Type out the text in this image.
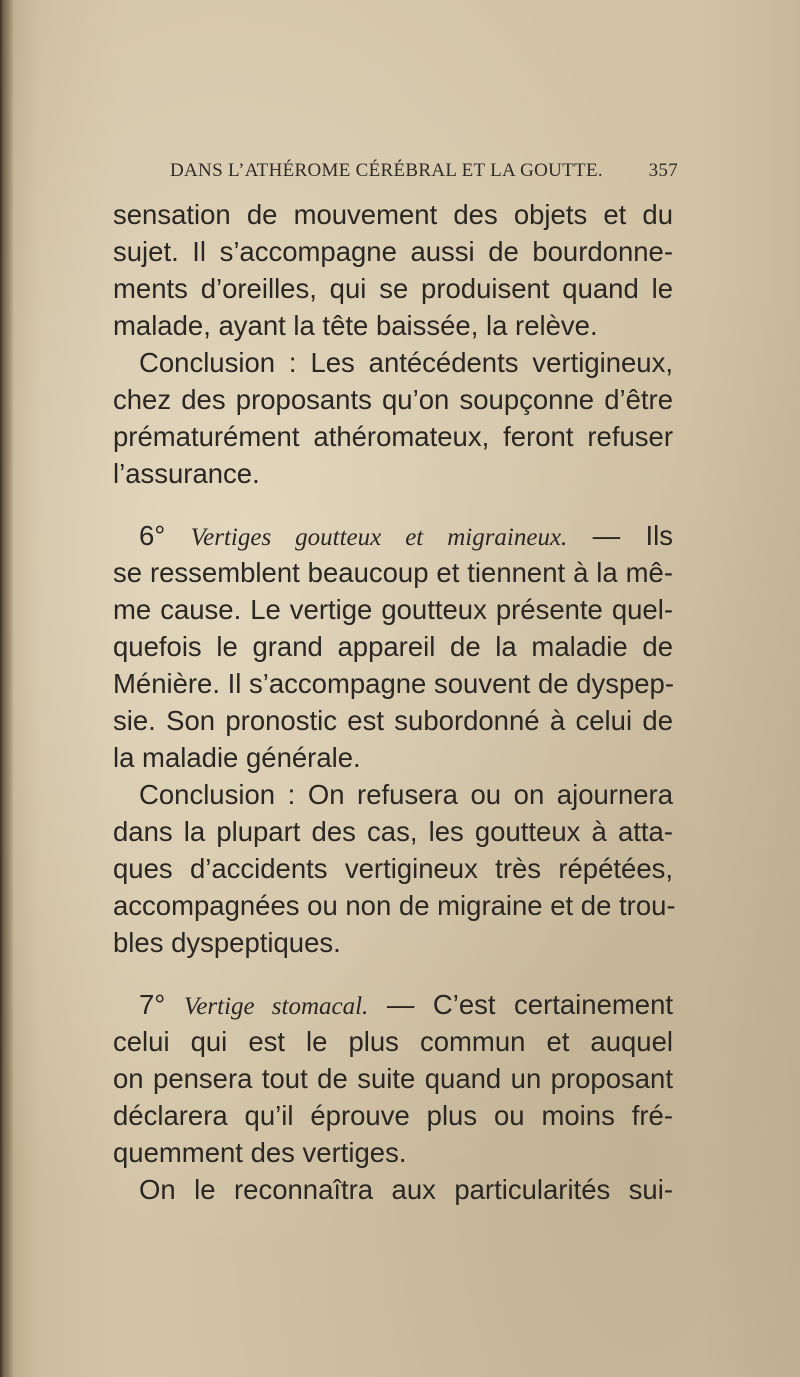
DANS L’ATHÉROME CÉRÉBRAL ET LA GOUTTE. 357
sensation de mouvement des objets et du
sujet. Il s’accompagne aussi de bourdonne-
ments d’oreilles, qui se produisent quand le
malade, ayant la tête baissée, la relève.
Conclusion : Les antécédents vertigineux,
chez des proposants qu’on soupçonne d’être
prématurément athéromateux, feront refuser
l’assurance.
6° Vertiges goutteux et migraineux. — Ils
se ressemblent beaucoup et tiennent à la mê-
me cause. Le vertige goutteux présente quel-
quefois le grand appareil de la maladie de
Ménière. Il s’accompagne souvent de dyspep-
sie. Son pronostic est subordonné à celui de
la maladie générale.
Conclusion : On refusera ou on ajournera
dans la plupart des cas, les goutteux à atta-
ques d’accidents vertigineux très répétées,
accompagnées ou non de migraine et de trou-
bles dyspeptiques.
7° Vertige stomacal. — C’est certainement
celui qui est le plus commun et auquel
on pensera tout de suite quand un proposant
déclarera qu’il éprouve plus ou moins fré-
quemment des vertiges.
On le reconnaîtra aux particularités sui-
